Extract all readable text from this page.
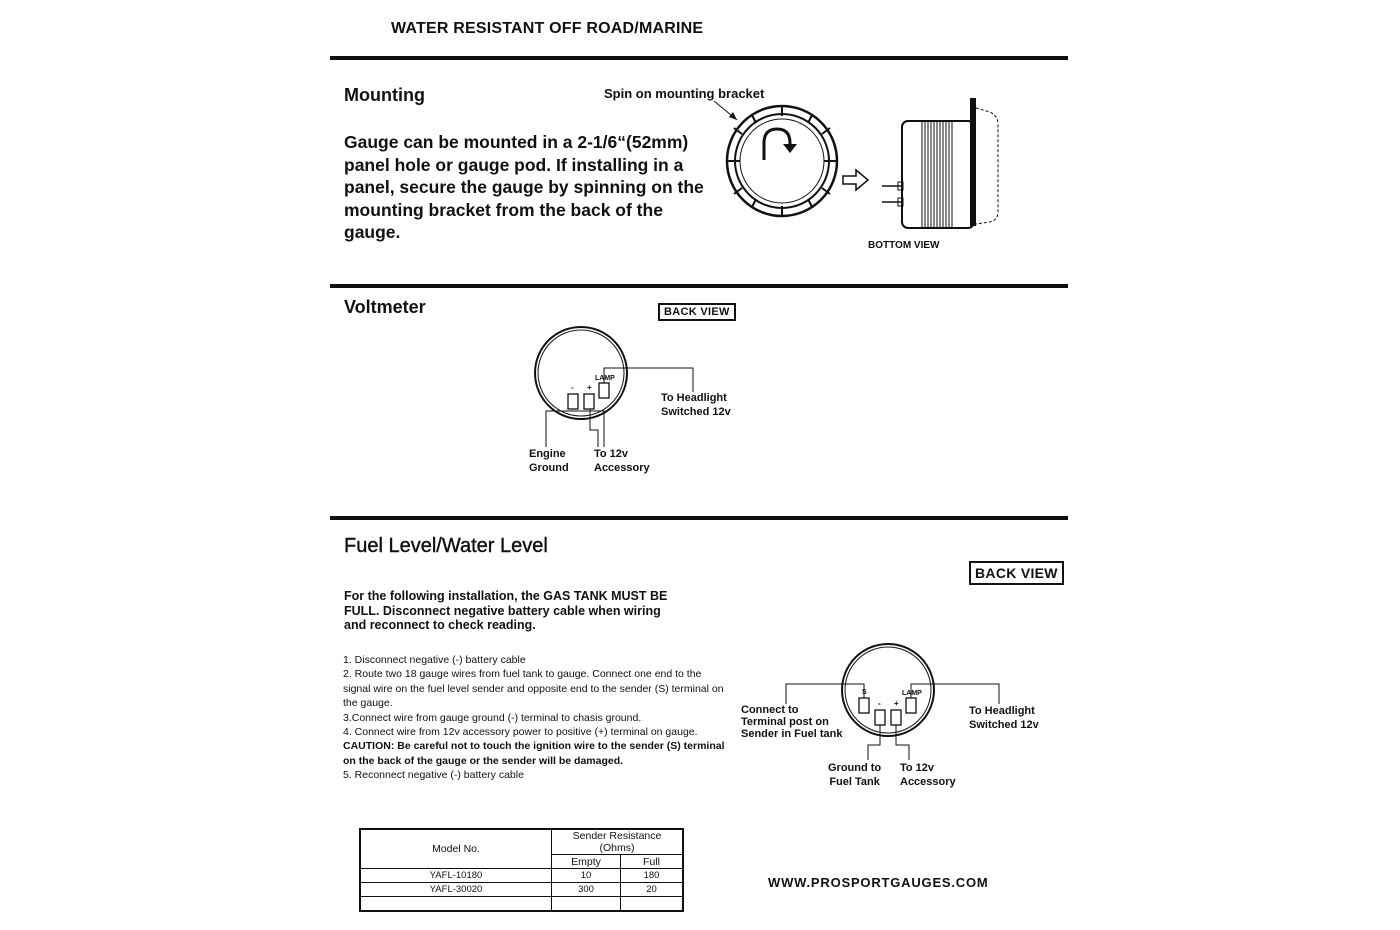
WATER RESISTANT OFF ROAD/MARINE
Mounting
Gauge can be mounted in a 2-1/6“(52mm) panel hole or gauge pod. If installing in a panel, secure the gauge by spinning on the mounting bracket from the back of the gauge.
Spin on mounting bracket
BOTTOM VIEW
Voltmeter	BACK VIEW
LAMP
- +
To Headlight
Switched 12v
Engine
Ground
To 12v
Accessory
Fuel Level/Water Level
BACK VIEW
For the following installation, the GAS TANK MUST BE FULL. Disconnect negative battery cable when wiring and reconnect to check reading.

1. Disconnect negative (-) battery cable

2. Route two 18 gauge wires from fuel tank to gauge. Connect one end to the signal wire on the fuel level sender and opposite end to the sender (S) terminal on the gauge.

3.Connect wire from gauge ground (-) terminal to chasis ground.

4. Connect wire from 12v accessory power to positive (+) terminal on gauge.

CAUTION: Be careful not to touch the ignition wire to the sender (S) terminal on the back of the gauge or the sender will be damaged.

5. Reconnect negative (-) battery cable

S	LAMP
- +
Connect to
Terminal post on
Sender in Fuel tank
To Headlight
Switched 12v
Ground to
Fuel Tank
To 12v
Accessory
Model No.	Sender Resistance (Ohms)	
	Empty	Full
YAFL-10180	10	180
YAFL-30020	300	20
			WWW.PROSPORTGAUGES.COM
